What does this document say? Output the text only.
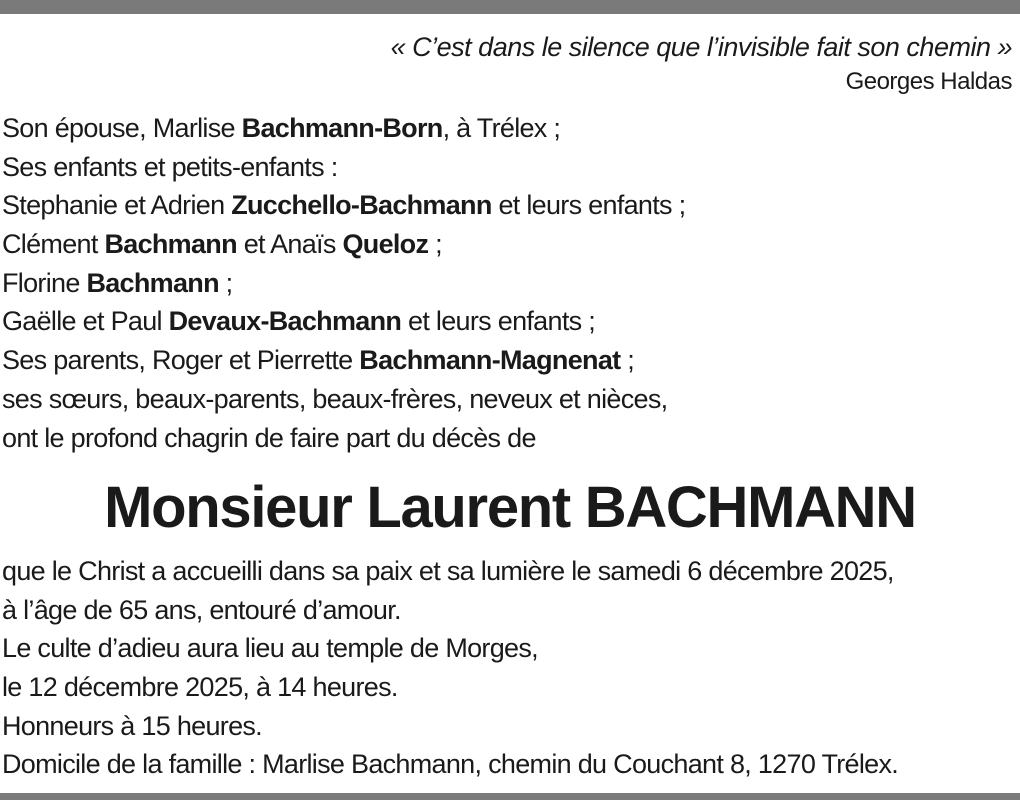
« C’est dans le silence que l’invisible fait son chemin »
Georges Haldas
Son épouse, Marlise Bachmann-Born, à Trélex ;
Ses enfants et petits-enfants :
Stephanie et Adrien Zucchello-Bachmann et leurs enfants ;
Clément Bachmann et Anaïs Queloz ;
Florine Bachmann ;
Gaëlle et Paul Devaux-Bachmann et leurs enfants ;
Ses parents, Roger et Pierrette Bachmann-Magnenat ;
ses sœurs, beaux-parents, beaux-frères, neveux et nièces,
ont le profond chagrin de faire part du décès de
Monsieur Laurent BACHMANN
que le Christ a accueilli dans sa paix et sa lumière le samedi 6 décembre 2025,
à l’âge de 65 ans, entouré d’amour.
Le culte d’adieu aura lieu au temple de Morges,
le 12 décembre 2025, à 14 heures.
Honneurs à 15 heures.
Domicile de la famille : Marlise Bachmann, chemin du Couchant 8, 1270 Trélex.
